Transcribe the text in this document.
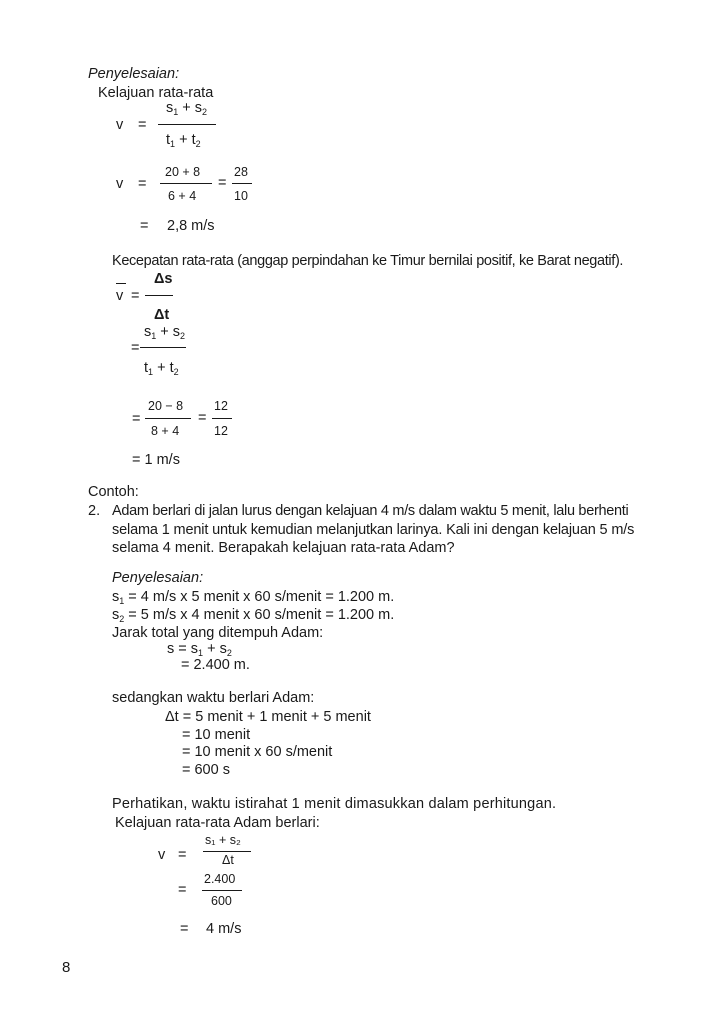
Penyelesaian:
Kelajuan rata-rata
$s_1 + s_2$
v =
$t_1 + t_2$
20 + 8
v =
6 + 4
=
28
10
= 2,8 m/s
Kecepatan rata-rata (anggap perpindahan ke Timur bernilai positif, ke Barat negatif).
Δs
v =
Δt
$s_1 + s_2$
=
$t_1 + t_2$
20 − 8
=
8 + 4
=
12
12
= 1 m/s
Contoh:
2. Adam berlari di jalan lurus dengan kelajuan 4 m/s dalam waktu 5 menit, lalu berhenti
selama 1 menit untuk kemudian melanjutkan larinya. Kali ini dengan kelajuan 5 m/s
selama 4 menit. Berapakah kelajuan rata-rata Adam?
Penyelesaian:
$s_1 = 4$ m/s x 5 menit x 60 s/menit = 1.200 m.
$s_2 = 5$ m/s x 4 menit x 60 s/menit = 1.200 m.
Jarak total yang ditempuh Adam:
$s = s_1 + s_2$
= 2.400 m.
sedangkan waktu berlari Adam:
Δt = 5 menit + 1 menit + 5 menit
= 10 menit
= 10 menit x 60 s/menit
= 600 s
Perhatikan, waktu istirahat 1 menit dimasukkan dalam perhitungan.
Kelajuan rata-rata Adam berlari:
s₁ + s₂
v =	Δt
2.400
=
600
= 4 m/s
8
